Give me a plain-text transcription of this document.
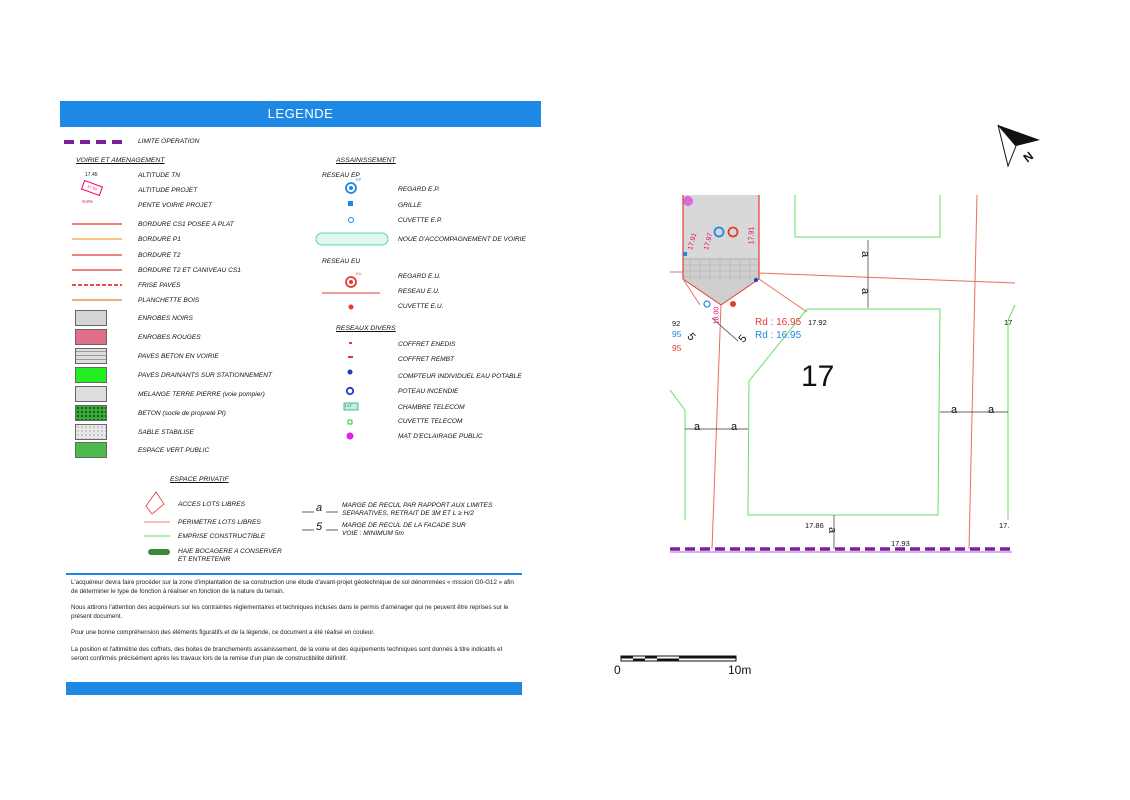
LEGENDE
LIMITE OPERATION
VOIRIE ET AMENAGEMENT
17.45	ALTITUDE TN
17.50	ALTITUDE PROJET
-0.8%
PENTE VOIRIE PROJET
BORDURE CS1 POSEE A PLAT
BORDURE P1
BORDURE T2
BORDURE T2 ET CANIVEAU CS1
FRISE PAVES
PLANCHETTE BOIS
ENROBES NOIRS
ENROBES ROUGES
PAVES BETON EN VOIRIE
PAVES DRAINANTS SUR STATIONNEMENT
MELANGE TERRE PIERRE (voie pompier)
BETON (socle de propreté PI)
SABLE STABILISE
ESPACE VERT PUBLIC
ASSAINISSEMENT
RESEAU EP
EP
REGARD E.P.
GRILLE
CUVETTE E.P.
NOUE D'ACCOMPAGNEMENT DE VOIRIE
RESEAU EU
EU	REGARD E.U.
RESEAU E.U.
CUVETTE E.U.
RESEAUX DIVERS
L1T
COFFRET ENEDIS
COFFRET REMBT
COMPTEUR INDIVIDUEL EAU POTABLE
POTEAU INCENDIE
CHAMBRE TELECOM
CUVETTE TELECOM
MAT D'ECLAIRAGE PUBLIC
ESPACE PRIVATIF
ACCES LOTS LIBRES
PERIMETRE LOTS LIBRES
EMPRISE CONSTRUCTIBLE
HAIE BOCAGERE A CONSERVER
ET ENTRETENIR
a	MARGE DE RECUL PAR RAPPORT AUX LIMITES
SEPARATIVES, RETRAIT DE 3M ET L ≥ H/2
5	MARGE DE RECUL DE LA FACADE SUR
VOIE : MINIMUM 5m
L'acquéreur devra faire procéder sur la zone d'implantation de sa construction une étude d'avant-projet géotechnique de sol dénommées « mission G0-G12 » afin de déterminer le type de fonction à réaliser en fonction de la nature du terrain.
Nous attirons l'attention des acquéreurs sur les contraintes réglementaires et techniques incluses dans le permis d'aménager qui ne peuvent être reprises sur le présent document.
Pour une bonne compréhension des éléments figuratifs et de la légende, ce document a été réalisé en couleur.
La position et l'altimétrie des coffrets, des boites de branchements assainissement, de la voirie et des équipements techniques sont donnés à titre indicatifs et seront confirmés précisément après les travaux lors de la remise d'un plan de constructibilité définitif.
N
17
Rd : 16.95
Rd : 16.95
17.92
17.86
17.93
92
95
95
17
17.
a
a
a	a
a	a
a
5
5
17.91 17.97	17.91
18.00
0	10m
